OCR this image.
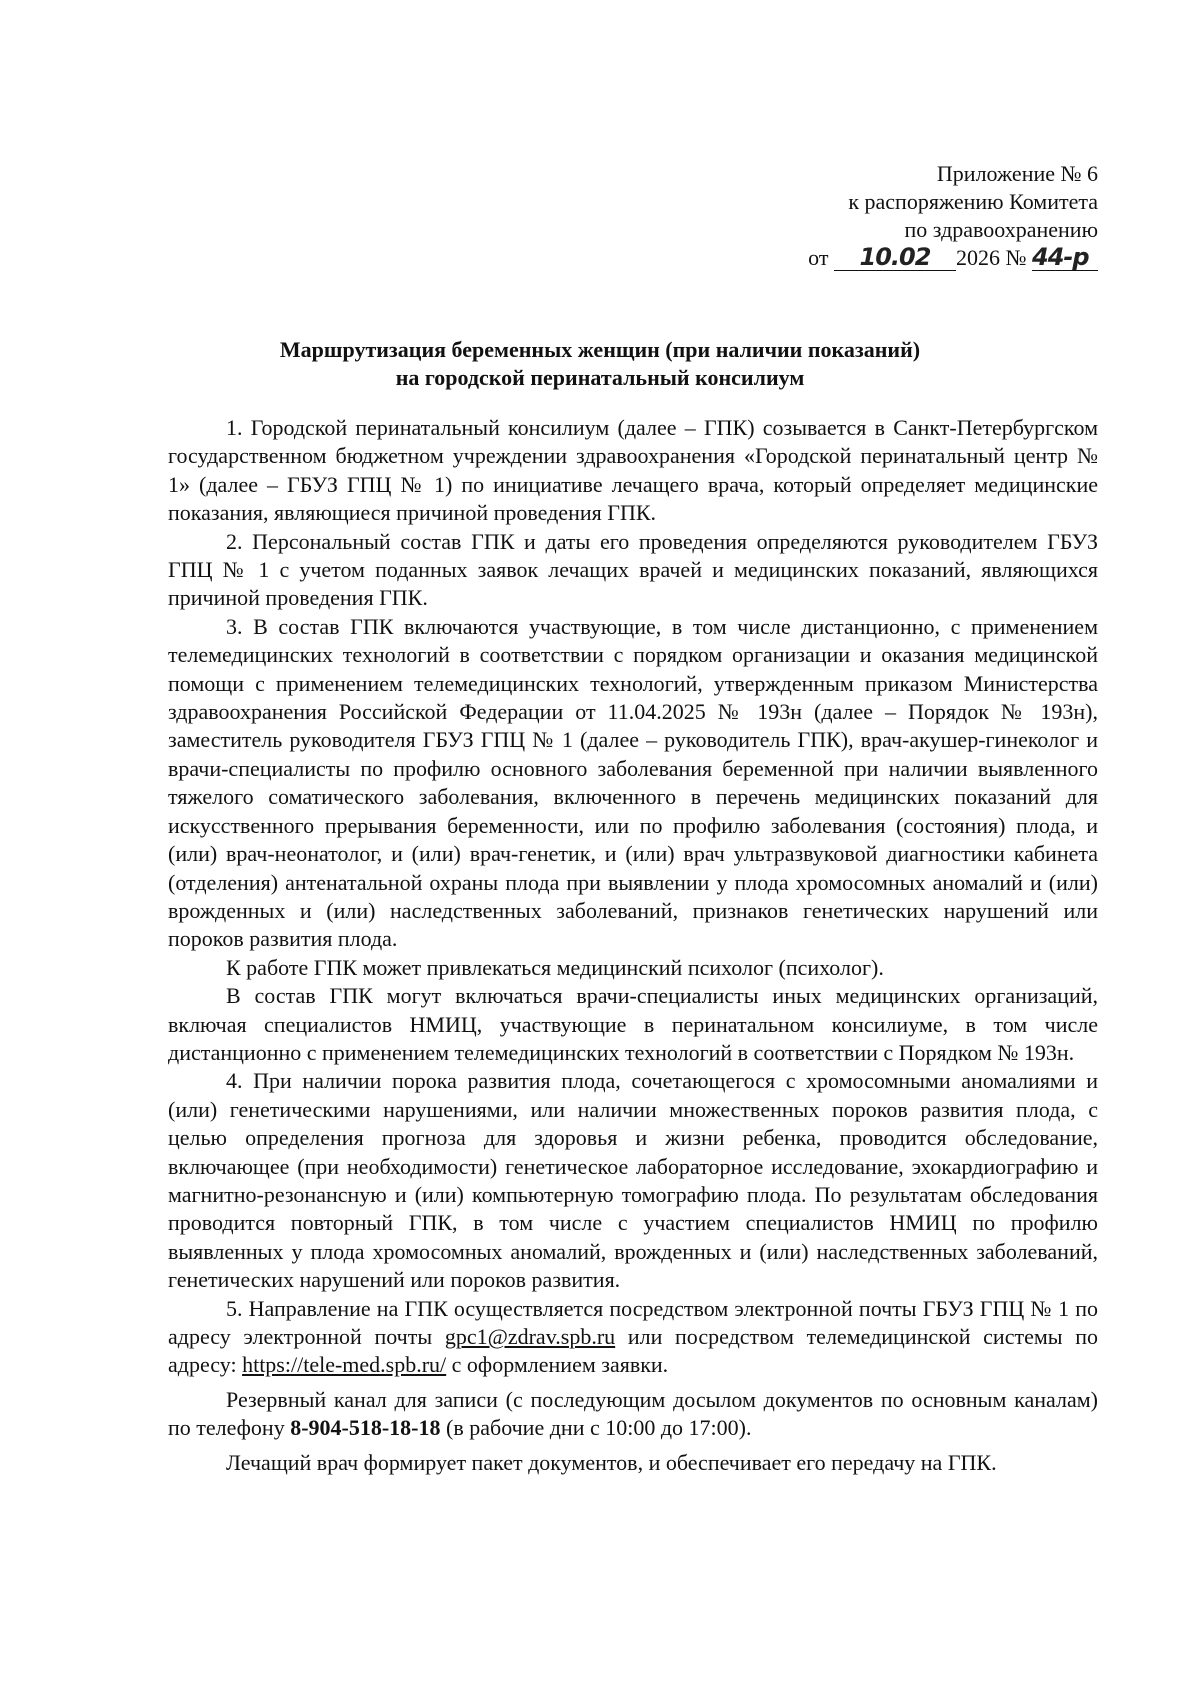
Приложение № 6
к распоряжению Комитета
по здравоохранению
от 10.02 2026 № 44-р
Маршрутизация беременных женщин (при наличии показаний)
на городской перинатальный консилиум

1. Городской перинатальный консилиум (далее – ГПК) созывается в Санкт-Петербургском государственном бюджетном учреждении здравоохранения «Городской перинатальный центр № 1» (далее – ГБУЗ ГПЦ № 1) по инициативе лечащего врача, который определяет медицинские показания, являющиеся причиной проведения ГПК.

2. Персональный состав ГПК и даты его проведения определяются руководителем ГБУЗ ГПЦ № 1 с учетом поданных заявок лечащих врачей и медицинских показаний, являющихся причиной проведения ГПК.

3. В состав ГПК включаются участвующие, в том числе дистанционно, с применением телемедицинских технологий в соответствии с порядком организации и оказания медицинской помощи с применением телемедицинских технологий, утвержденным приказом Министерства здравоохранения Российской Федерации от 11.04.2025 № 193н (далее – Порядок № 193н), заместитель руководителя ГБУЗ ГПЦ № 1 (далее – руководитель ГПК), врач-акушер-гинеколог и врачи-специалисты по профилю основного заболевания беременной при наличии выявленного тяжелого соматического заболевания, включенного в перечень медицинских показаний для искусственного прерывания беременности, или по профилю заболевания (состояния) плода, и (или) врач-неонатолог, и (или) врач-генетик, и (или) врач ультразвуковой диагностики кабинета (отделения) антенатальной охраны плода при выявлении у плода хромосомных аномалий и (или) врожденных и (или) наследственных заболеваний, признаков генетических нарушений или пороков развития плода.

К работе ГПК может привлекаться медицинский психолог (психолог).

В состав ГПК могут включаться врачи-специалисты иных медицинских организаций, включая специалистов НМИЦ, участвующие в перинатальном консилиуме, в том числе дистанционно с применением телемедицинских технологий в соответствии с Порядком № 193н.

4. При наличии порока развития плода, сочетающегося с хромосомными аномалиями и (или) генетическими нарушениями, или наличии множественных пороков развития плода, с целью определения прогноза для здоровья и жизни ребенка, проводится обследование, включающее (при необходимости) генетическое лабораторное исследование, эхокардиографию и магнитно-резонансную и (или) компьютерную томографию плода. По результатам обследования проводится повторный ГПК, в том числе с участием специалистов НМИЦ по профилю выявленных у плода хромосомных аномалий, врожденных и (или) наследственных заболеваний, генетических нарушений или пороков развития.

5. Направление на ГПК осуществляется посредством электронной почты ГБУЗ ГПЦ № 1 по адресу электронной почты gpc1@zdrav.spb.ru или посредством телемедицинской системы по адресу: https://tele-med.spb.ru/ с оформлением заявки.

Резервный канал для записи (с последующим досылом документов по основным каналам) по телефону 8-904-518-18-18 (в рабочие дни с 10:00 до 17:00).

Лечащий врач формирует пакет документов, и обеспечивает его передачу на ГПК.
